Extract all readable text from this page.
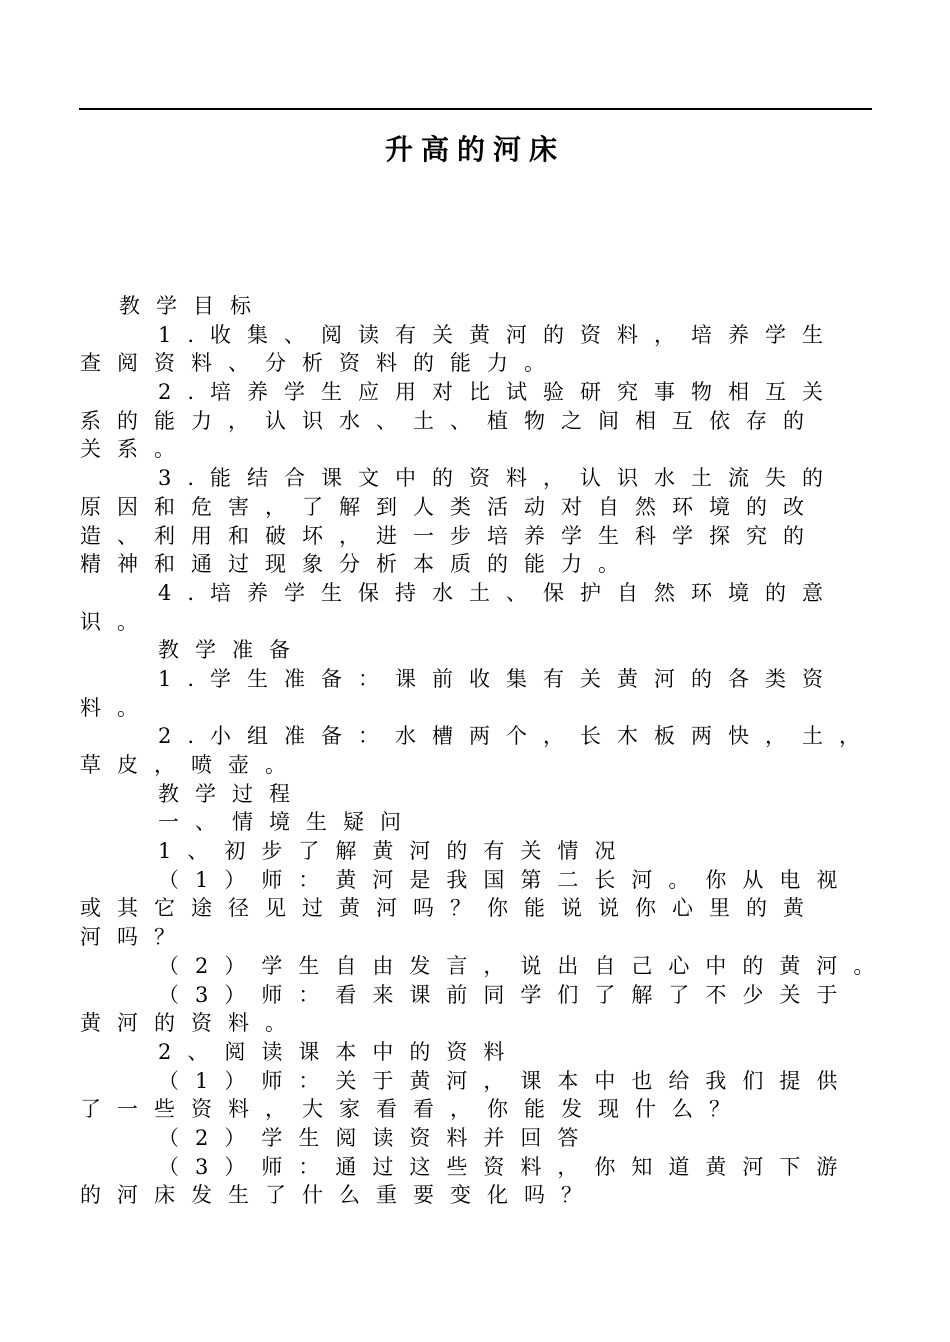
升高的河床
教学目标
1.收集、阅读有关黄河的资料，培养学生
查阅资料、分析资料的能力。
2.培养学生应用对比试验研究事物相互关
系的能力，认识水、土、植物之间相互依存的
关系。
3.能结合课文中的资料，认识水土流失的
原因和危害，了解到人类活动对自然环境的改
造、利用和破坏，进一步培养学生科学探究的
精神和通过现象分析本质的能力。
4.培养学生保持水土、保护自然环境的意
识。
教学准备
1.学生准备：课前收集有关黄河的各类资
料。
2.小组准备：水槽两个，长木板两快，土，
草皮，喷壶。
教学过程
一、情境生疑问
1、初步了解黄河的有关情况
（1）师：黄河是我国第二长河。你从电视
或其它途径见过黄河吗？你能说说你心里的黄
河吗？
（2）学生自由发言，说出自己心中的黄河。
（3）师：看来课前同学们了解了不少关于
黄河的资料。
2、阅读课本中的资料
（1）师：关于黄河，课本中也给我们提供
了一些资料，大家看看，你能发现什么？
（2）学生阅读资料并回答
（3）师：通过这些资料，你知道黄河下游
的河床发生了什么重要变化吗？
